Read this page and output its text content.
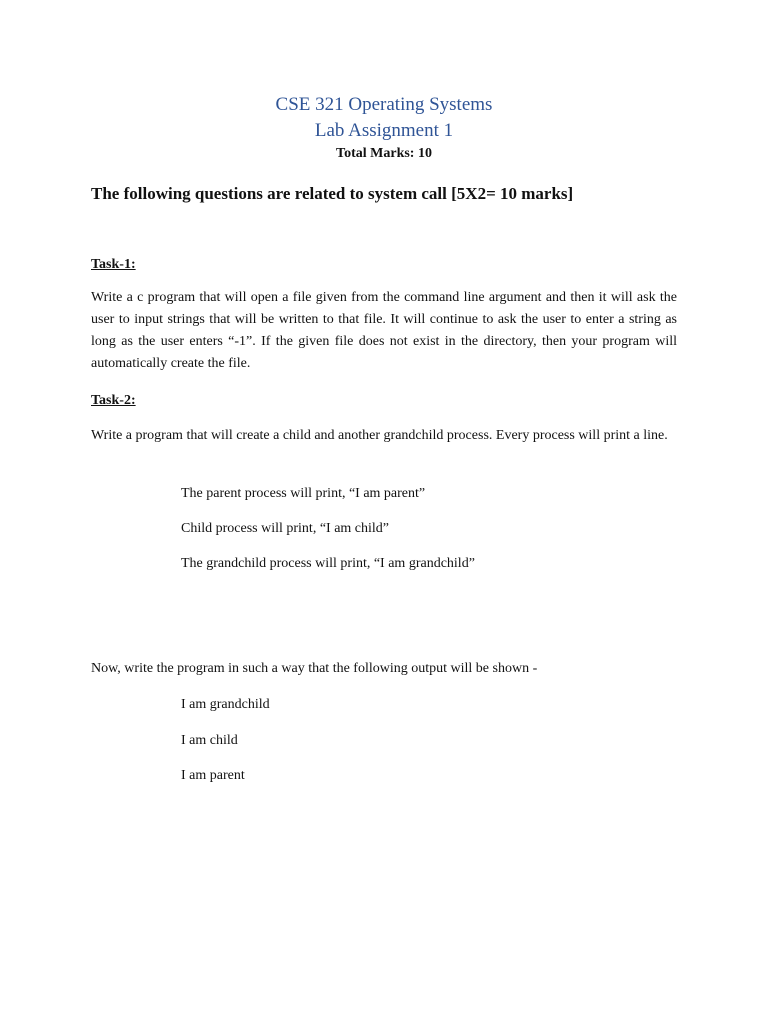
CSE 321 Operating Systems
Lab Assignment 1
Total Marks: 10
The following questions are related to system call [5X2= 10 marks]
Task-1:
Write a c program that will open a file given from the command line argument and then it will ask the user to input strings that will be written to that file. It will continue to ask the user to enter a string as long as the user enters “-1”. If the given file does not exist in the directory, then your program will automatically create the file.
Task-2:
Write a program that will create a child and another grandchild process. Every process will print a line.
The parent process will print, “I am parent”
Child process will print, “I am child”
The grandchild process will print, “I am grandchild”
Now, write the program in such a way that the following output will be shown -
I am grandchild
I am child
I am parent
